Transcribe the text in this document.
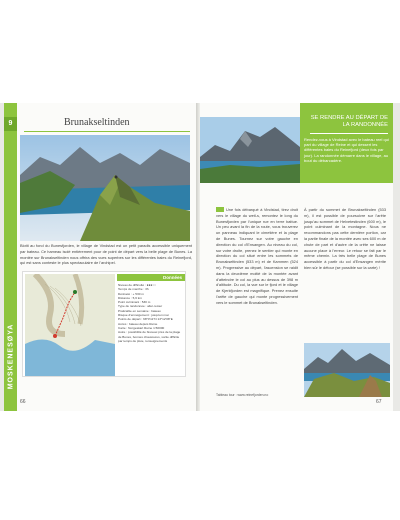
9
MOSKENESØYA
Brunakseltinden
Blotti au fond du Bunesfjorden, le village de Vindstad est un petit paradis accessible uniquement par bateau. Ce hameau isolé entièrement pour de point de départ vers la belle plage de Bunes. La montée sur Brunakseltinden nous offrira des vues superbes sur les différentes baies du Reinefjord, qui est sans conteste le plus spectaculaire de l'archipel.
Données
Niveau de difficulté : ●●●○○
Temps de marche : 3h
Dénivelé : + 530 m
Distance : 5,6 km
Point culminant : 530 m
Type de randonnée : aller-retour
Praticable en semaine : bateau
Risque d'enneigement : jusqu'en mai
Points de départ : 68°0'11"N 13°12'08"E
Accès : bateau depuis Reine
Carte : Norgeskart Reine 1:50000
Autre : possibilité de bivouac près de la plage de Bunes, bonnes chaussures, sortie difficile par temps de pluie, renseignements
66
SE RENDRE AU DÉPART DE LA RANDONNÉE
Rendez-vous à Vindstad avec le bateau reel qui part du village de Reine et qui dessert les différentes baies du Reinefjord (deux fois par jour). La randonnée démarre dans le village, au bout du débarcadère.
Une fois débarqué à Vindstad, tirez droit vers le village du wetl-s, remontez le long du Bunesfjorden par l'unique rue en terre battue. Un peu avant la fin de la route, vous trouverez un panneau indiquant le cimetière et la plage de Bunes. Tournez sur votre gauche en direction du col d'Ensangen. Au niveau du col, sur votre droite, prenez le sentier qui monte en direction du col situé entre les sommets de Brunakseltinden (533 m) et de Kammen (524 m). Progressive au départ, l'ascension se raidit dans la deuxième moitié de la montée avant d'atteindre le col au plus au dessus de 398 m d'altitude. Du col, la vue sur le fjord et le village de Kjerkfjorden est magnifique. Prenez ensuite l'arête de gauche qui monte progressivement vers le sommet de Brunakseltinden.
À partir du sommet de Brunakseltinden (533 m), il est possible de poursuivre sur l'arête jusqu'au sommet de Helvetestinden (600 m), le point culminant de la montagne. Nous ne recommandons pas cette dernière portion, car la partie finale de la montée avec ses 600 m de chute de part et d'autre de la crête ne laisse aucune place à l'erreur. Le retour se fait par le même chemin. La très belle plage de Bunes accessible à partir du col d'Ensangen mérite bien sûr le détour (se possible sur la carte) !
Tableau tour : www.reinefjorden.no
67
